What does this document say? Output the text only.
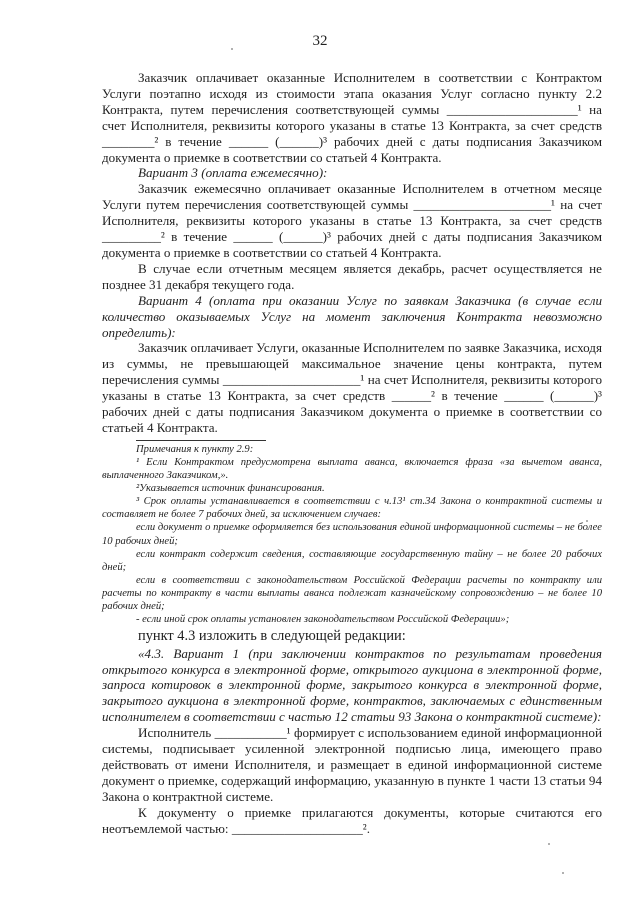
32

Заказчик оплачивает оказанные Исполнителем в соответствии с Контрактом Услуги поэтапно исходя из стоимости этапа оказания Услуг согласно пункту 2.2 Контракта, путем перечисления соответствующей суммы ____________________¹ на счет Исполнителя, реквизиты которого указаны в статье 13 Контракта, за счет средств ________² в течение ______ (______)³ рабочих дней с даты подписания Заказчиком документа о приемке в соответствии со статьей 4 Контракта.

Вариант 3 (оплата ежемесячно):

Заказчик ежемесячно оплачивает оказанные Исполнителем в отчетном месяце Услуги путем перечисления соответствующей суммы _____________________¹ на счет Исполнителя, реквизиты которого указаны в статье 13 Контракта, за счет средств _________² в течение ______ (______)³ рабочих дней с даты подписания Заказчиком документа о приемке в соответствии со статьей 4 Контракта.

В случае если отчетным месяцем является декабрь, расчет осуществляется не позднее 31 декабря текущего года.

Вариант 4 (оплата при оказании Услуг по заявкам Заказчика (в случае если количество оказываемых Услуг на момент заключения Контракта невозможно определить):

Заказчик оплачивает Услуги, оказанные Исполнителем по заявке Заказчика, исходя из суммы, не превышающей максимальное значение цены контракта, путем перечисления суммы _____________________¹ на счет Исполнителя, реквизиты которого указаны в статье 13 Контракта, за счет средств ______² в течение ______ (______)³ рабочих дней с даты подписания Заказчиком документа о приемке в соответствии со статьей 4 Контракта.

Примечания к пункту 2.9:

¹ Если Контрактом предусмотрена выплата аванса, включается фраза «за вычетом аванса, выплаченного Заказчиком,».

²Указывается источник финансирования.

³ Срок оплаты устанавливается в соответствии с ч.13¹ ст.34 Закона о контрактной системы и составляет не более 7 рабочих дней, за исключением случаев:

если документ о приемке оформляется без использования единой информационной системы – не более 10 рабочих дней;

если контракт содержит сведения, составляющие государственную тайну – не более 20 рабочих дней;

если в соответствии с законодательством Российской Федерации расчеты по контракту или расчеты по контракту в части выплаты аванса подлежат казначейскому сопровождению – не более 10 рабочих дней;

- если иной срок оплаты установлен законодательством Российской Федерации»;

пункт 4.3 изложить в следующей редакции:

«4.3. Вариант 1 (при заключении контрактов по результатам проведения открытого конкурса в электронной форме, открытого аукциона в электронной форме, запроса котировок в электронной форме, закрытого конкурса в электронной форме, закрытого аукциона в электронной форме, контрактов, заключаемых с единственным исполнителем в соответствии с частью 12 статьи 93 Закона о контрактной системе):

Исполнитель ___________¹ формирует с использованием единой информационной системы, подписывает усиленной электронной подписью лица, имеющего право действовать от имени Исполнителя, и размещает в единой информационной системе документ о приемке, содержащий информацию, указанную в пункте 1 части 13 статьи 94 Закона о контрактной системе.

К документу о приемке прилагаются документы, которые считаются его неотъемлемой частью: ____________________².
